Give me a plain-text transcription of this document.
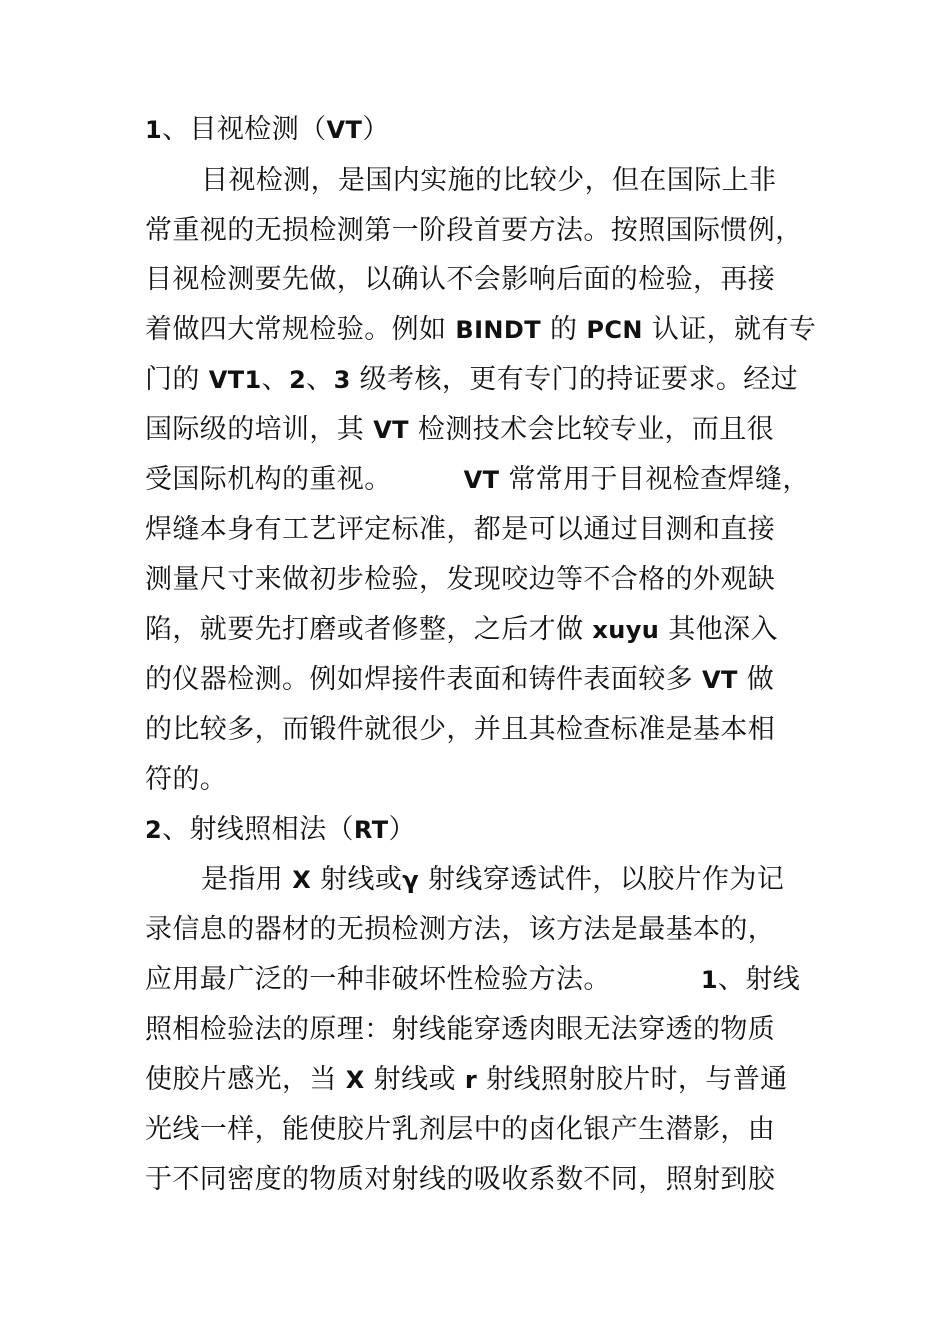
1、目视检测（VT）
目视检测，是国内实施的比较少，但在国际上非
常重视的无损检测第一阶段首要方法。按照国际惯例，
目视检测要先做，以确认不会影响后面的检验，再接
着做四大常规检验。例如 BINDT 的 PCN 认证，就有专
门的 VT1、2、3 级考核，更有专门的持证要求。经过
国际级的培训，其 VT 检测技术会比较专业，而且很
受国际机构的重视。	VT 常常用于目视检查焊缝，
焊缝本身有工艺评定标准，都是可以通过目测和直接
测量尺寸来做初步检验，发现咬边等不合格的外观缺
陷，就要先打磨或者修整，之后才做 xuyu 其他深入
的仪器检测。例如焊接件表面和铸件表面较多 VT 做
的比较多，而锻件就很少，并且其检查标准是基本相
符的。
2、射线照相法（RT）
是指用 X 射线或γ 射线穿透试件，以胶片作为记
录信息的器材的无损检测方法，该方法是最基本的，
应用最广泛的一种非破坏性检验方法。	1、射线
照相检验法的原理：射线能穿透肉眼无法穿透的物质
使胶片感光，当 X 射线或 r 射线照射胶片时，与普通
光线一样，能使胶片乳剂层中的卤化银产生潜影，由
于不同密度的物质对射线的吸收系数不同，照射到胶
